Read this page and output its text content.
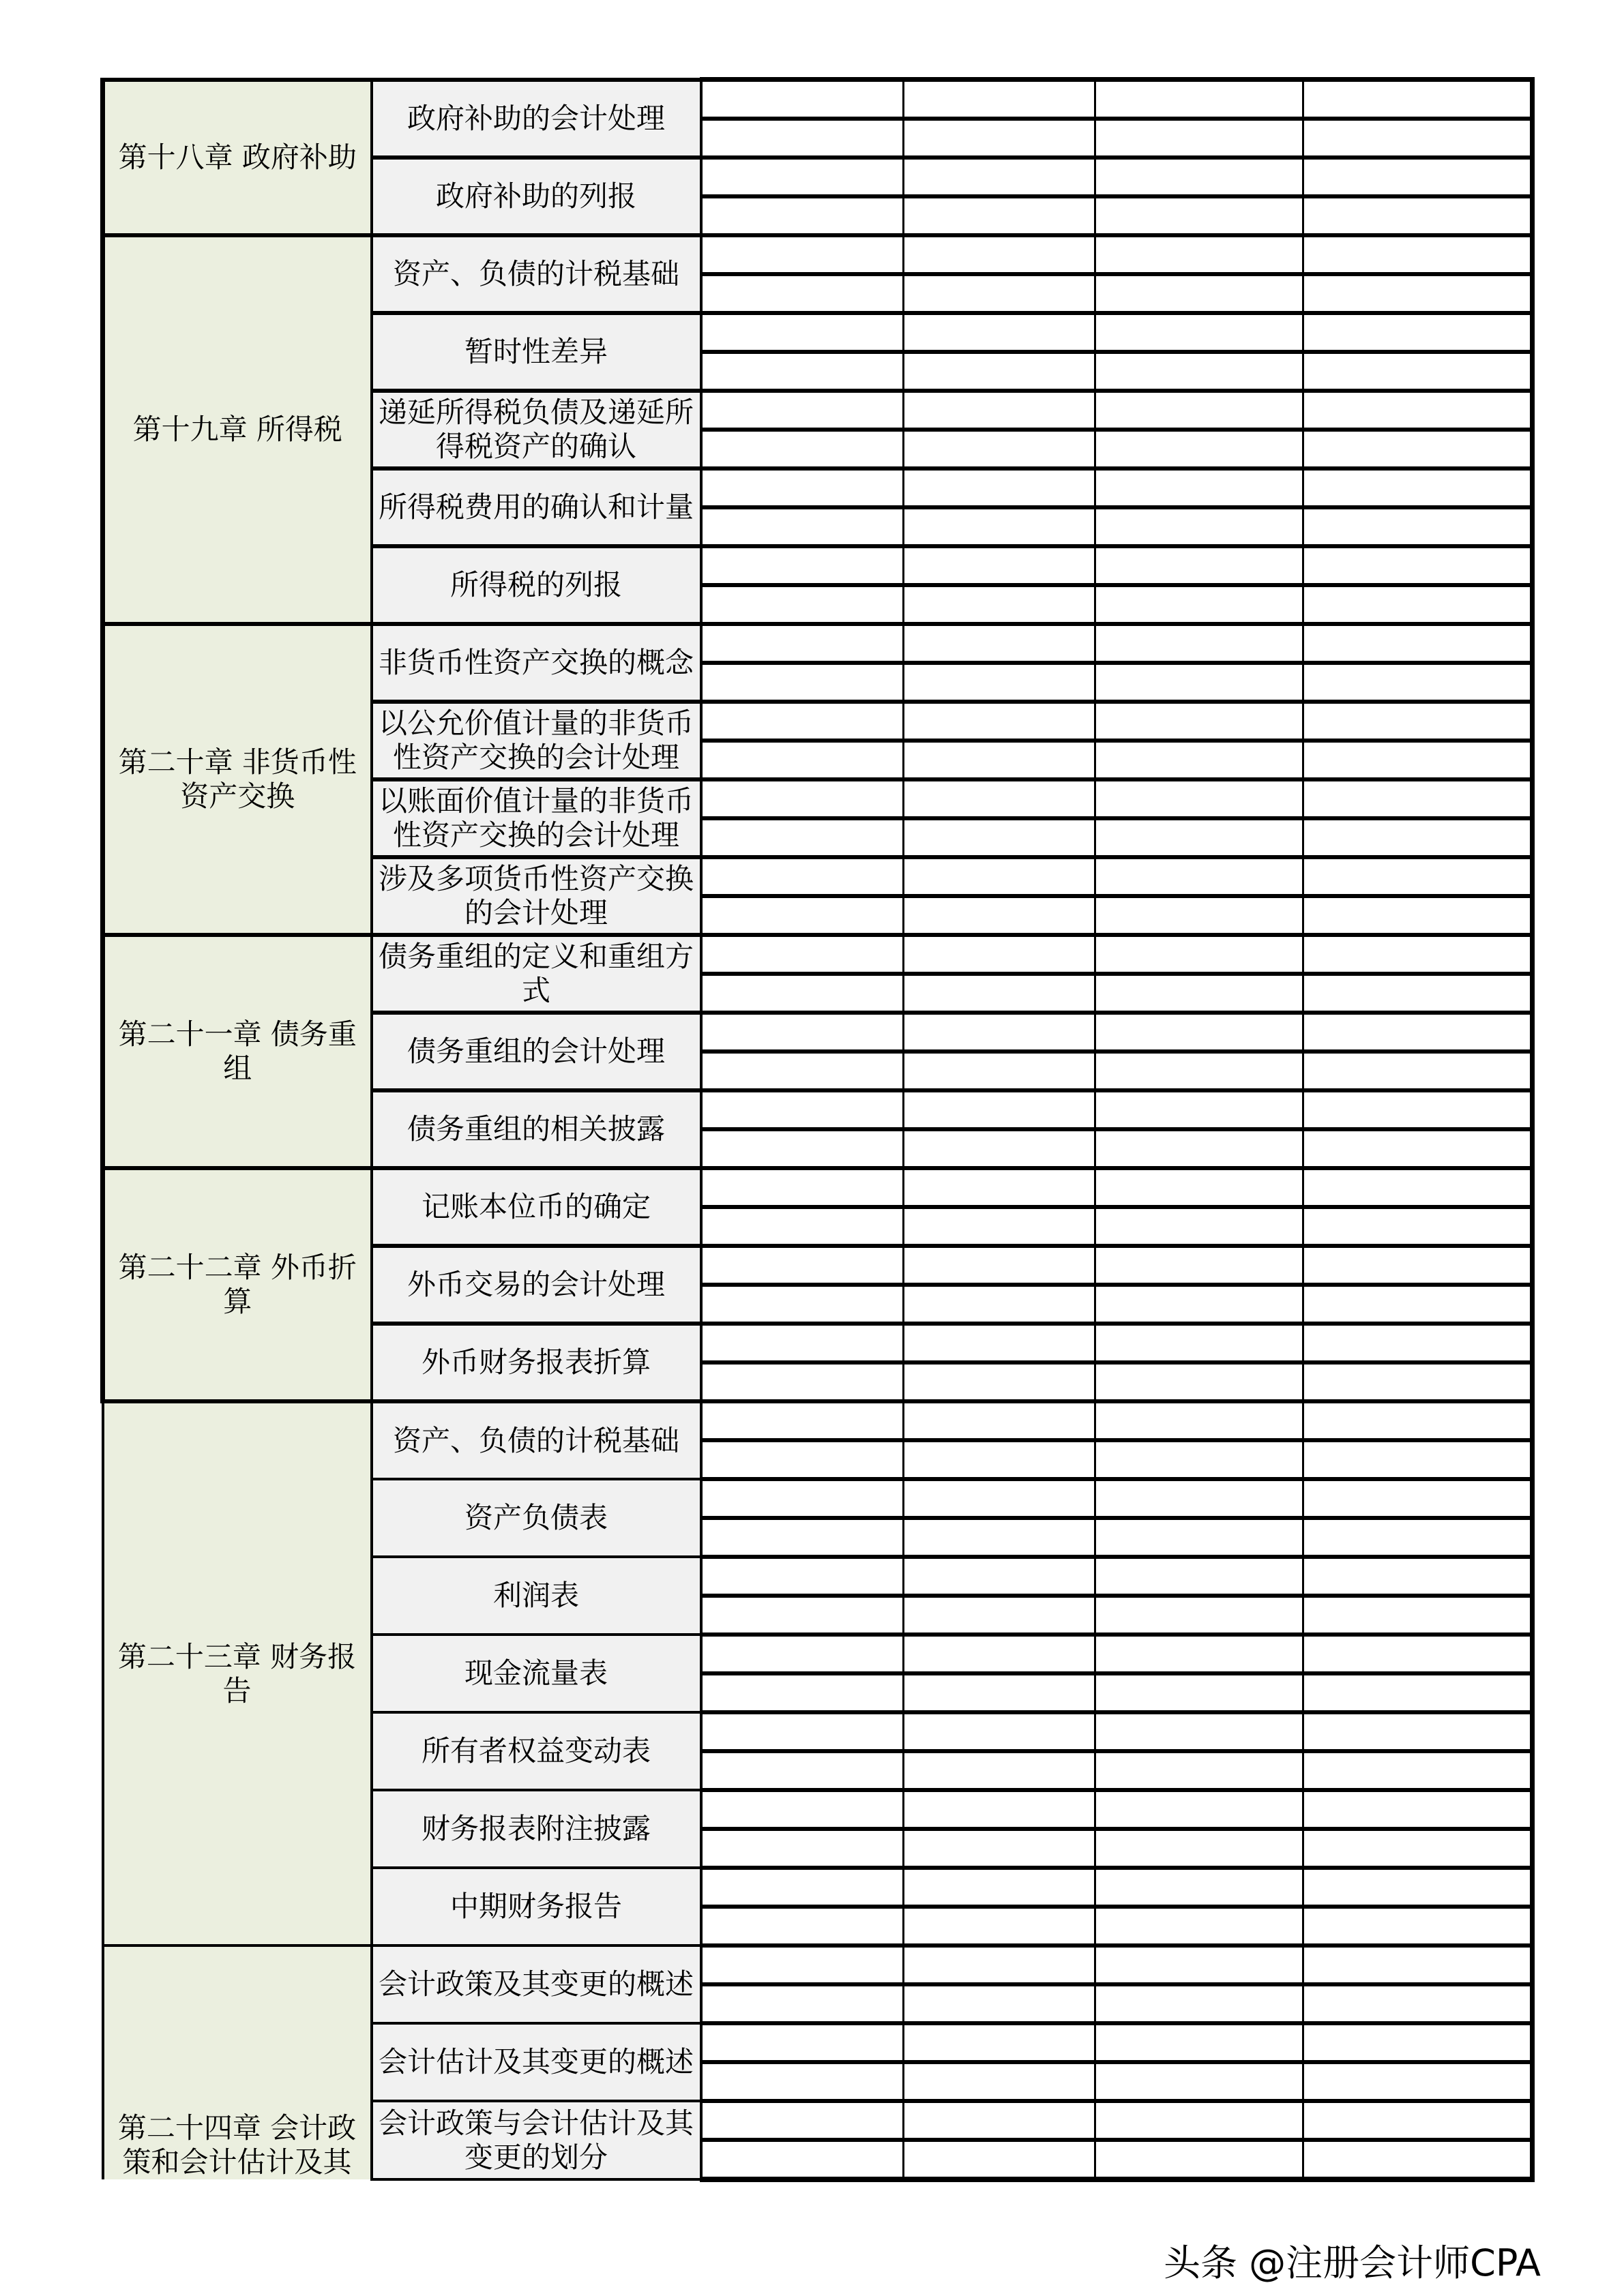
第十八章 政府补助	政府补助的会计处理				

	政府补助的列报				

第十九章 所得税	资产、负债的计税基础				

	暂时性差异				

	递延所得税负债及递延所得税资产的确认				

	所得税费用的确认和计量				

	所得税的列报				

第二十章 非货币性资产交换	非货币性资产交换的概念				

	以公允价值计量的非货币性资产交换的会计处理				

	以账面价值计量的非货币性资产交换的会计处理				

	涉及多项货币性资产交换的会计处理				

第二十一章 债务重组	债务重组的定义和重组方式				

	债务重组的会计处理				

	债务重组的相关披露				

第二十二章 外币折算	记账本位币的确定				

	外币交易的会计处理				

	外币财务报表折算				

第二十三章 财务报告	资产、负债的计税基础				

	资产负债表				

	利润表				

	现金流量表				

	所有者权益变动表				

	财务报表附注披露				

	中期财务报告				

第二十四章 会计政策和会计估计及其	会计政策及其变更的概述				

	会计估计及其变更的概述				

	会计政策与会计估计及其变更的划分				

头条 @注册会计师CPA
